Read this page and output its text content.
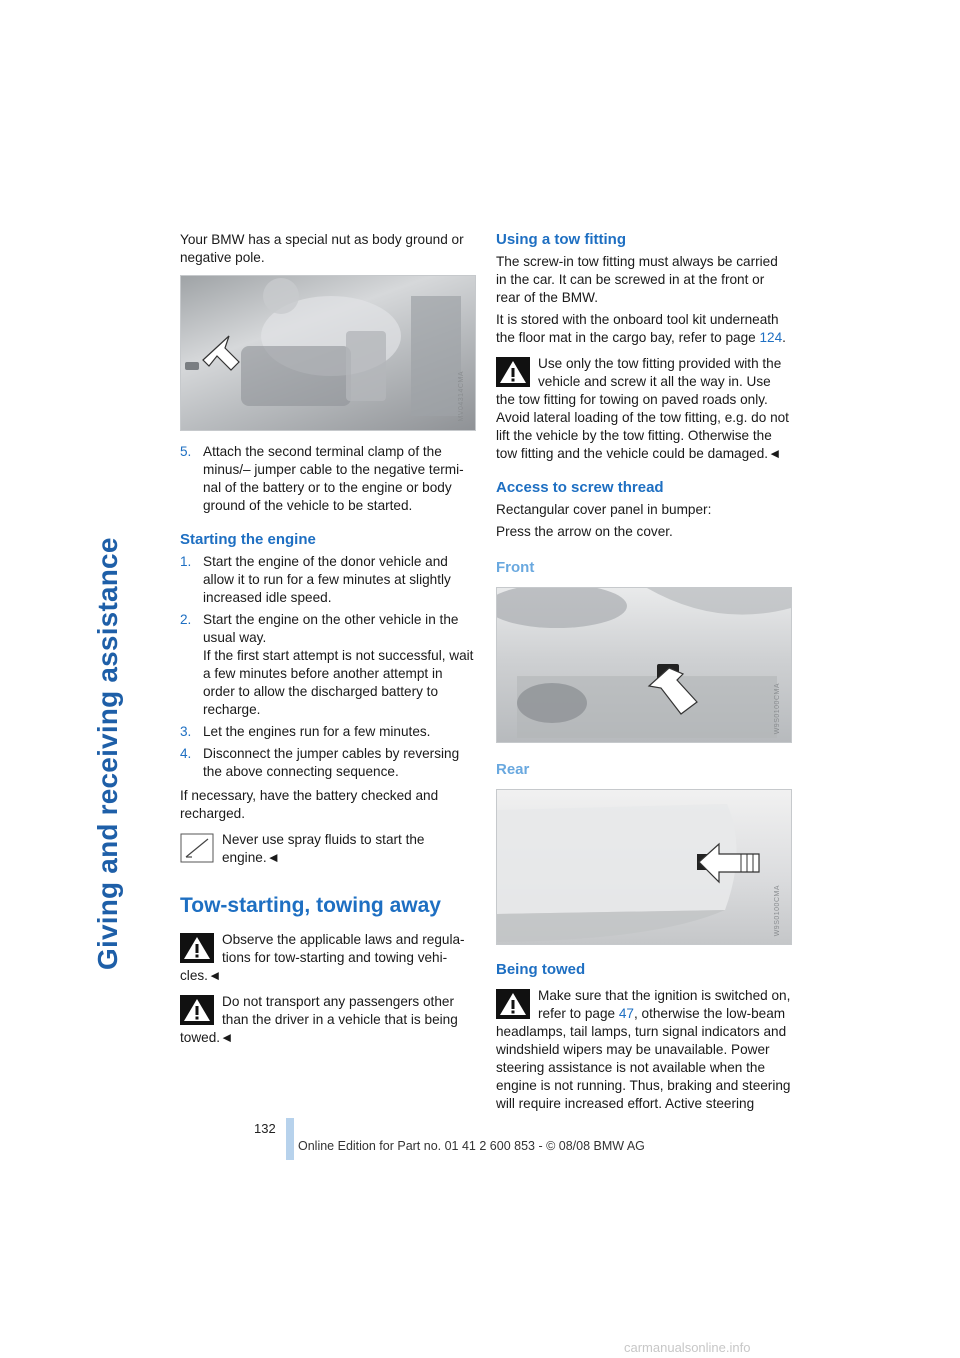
Giving and receiving assistance

Your BMW has a special nut as body ground or negative pole.

MV04314CMA
5. Attach the second terminal clamp of the minus/– jumper cable to the negative terminal of the battery or to the engine or body ground of the vehicle to be started.
Starting the engine
1. Start the engine of the donor vehicle and allow it to run for a few minutes at slightly increased idle speed.
2. Start the engine on the other vehicle in the usual way.
If the first start attempt is not successful, wait a few minutes before another attempt in order to allow the discharged battery to recharge.
3. Let the engines run for a few minutes.
4. Disconnect the jumper cables by reversing the above connecting sequence.

If necessary, have the battery checked and recharged.

Never use spray fluids to start the engine.◄
Tow-starting, towing away
Observe the applicable laws and regulations for tow-starting and towing vehicles.◄
Do not transport any passengers other than the driver in a vehicle that is being towed.◄
Using a tow fitting

The screw-in tow fitting must always be carried in the car. It can be screwed in at the front or rear of the BMW.

It is stored with the onboard tool kit underneath the floor mat in the cargo bay, refer to page 124.

Use only the tow fitting provided with the vehicle and screw it all the way in. Use the tow fitting for towing on paved roads only. Avoid lateral loading of the tow fitting, e.g. do not lift the vehicle by the tow fitting. Otherwise the tow fitting and the vehicle could be damaged.◄
Access to screw thread

Rectangular cover panel in bumper:

Press the arrow on the cover.

Front
W9S0100CMA
Rear
W9S0100CMA
Being towed
Make sure that the ignition is switched on, refer to page 47, otherwise the low-beam headlamps, tail lamps, turn signal indicators and windshield wipers may be unavailable. Power steering assistance is not available when the engine is not running. Thus, braking and steering will require increased effort. Active steering
132
Online Edition for Part no. 01 41 2 600 853 - © 08/08 BMW AG
carmanualsonline.info
